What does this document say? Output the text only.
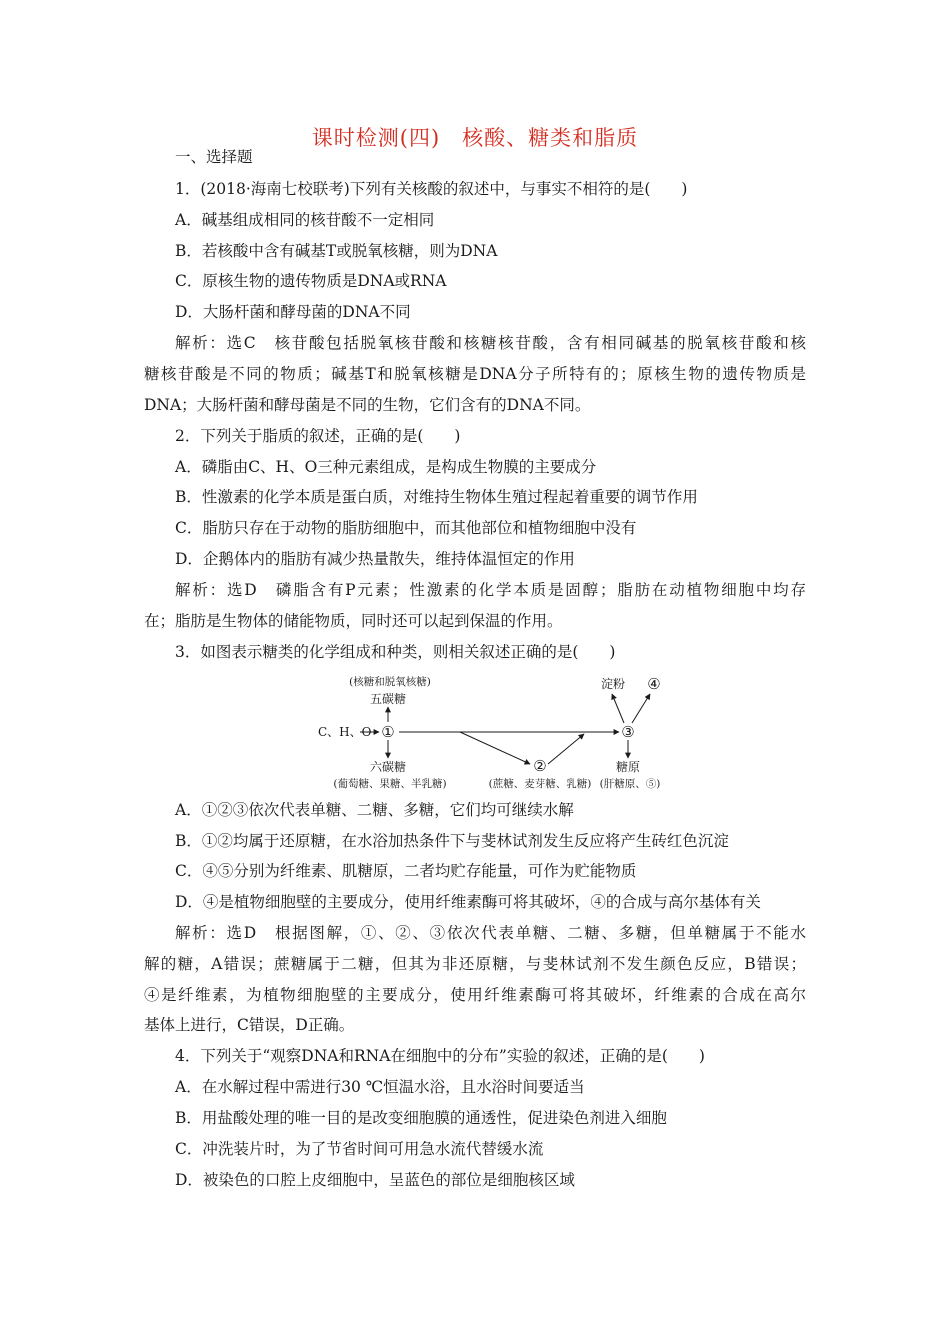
课时检测(四)　核酸、糖类和脂质
一、选择题
1．(2018·海南七校联考)下列有关核酸的叙述中，与事实不相符的是(　　)
A．碱基组成相同的核苷酸不一定相同
B．若核酸中含有碱基T或脱氧核糖，则为DNA
C．原核生物的遗传物质是DNA或RNA
D．大肠杆菌和酵母菌的DNA不同
解析：选C　核苷酸包括脱氧核苷酸和核糖核苷酸，含有相同碱基的脱氧核苷酸和核
糖核苷酸是不同的物质；碱基T和脱氧核糖是DNA分子所特有的；原核生物的遗传物质是
DNA；大肠杆菌和酵母菌是不同的生物，它们含有的DNA不同。
2．下列关于脂质的叙述，正确的是(　　)
A．磷脂由C、H、O三种元素组成，是构成生物膜的主要成分
B．性激素的化学本质是蛋白质，对维持生物体生殖过程起着重要的调节作用
C．脂肪只存在于动物的脂肪细胞中，而其他部位和植物细胞中没有
D．企鹅体内的脂肪有减少热量散失，维持体温恒定的作用
解析：选D　磷脂含有P元素；性激素的化学本质是固醇；脂肪在动植物细胞中均存
在；脂肪是生物体的储能物质，同时还可以起到保温的作用。
3．如图表示糖类的化学组成和种类，则相关叙述正确的是(　　)
(核糖和脱氧核糖)
五碳糖
C、H、O ①
②
③
淀粉 ④
六碳糖
(葡萄糖、果糖、半乳糖)	(蔗糖、麦芽糖、乳糖)
糖原
(肝糖原、⑤)
A．①②③依次代表单糖、二糖、多糖，它们均可继续水解
B．①②均属于还原糖，在水浴加热条件下与斐林试剂发生反应将产生砖红色沉淀
C．④⑤分别为纤维素、肌糖原，二者均贮存能量，可作为贮能物质
D．④是植物细胞壁的主要成分，使用纤维素酶可将其破坏，④的合成与高尔基体有关
解析：选D　根据图解，①、②、③依次代表单糖、二糖、多糖，但单糖属于不能水
解的糖，A错误；蔗糖属于二糖，但其为非还原糖，与斐林试剂不发生颜色反应，B错误；
④是纤维素，为植物细胞壁的主要成分，使用纤维素酶可将其破坏，纤维素的合成在高尔
基体上进行，C错误，D正确。
4．下列关于“观察DNA和RNA在细胞中的分布”实验的叙述，正确的是(　　)
A．在水解过程中需进行30 ℃恒温水浴，且水浴时间要适当
B．用盐酸处理的唯一目的是改变细胞膜的通透性，促进染色剂进入细胞
C．冲洗装片时，为了节省时间可用急水流代替缓水流
D．被染色的口腔上皮细胞中，呈蓝色的部位是细胞核区域
